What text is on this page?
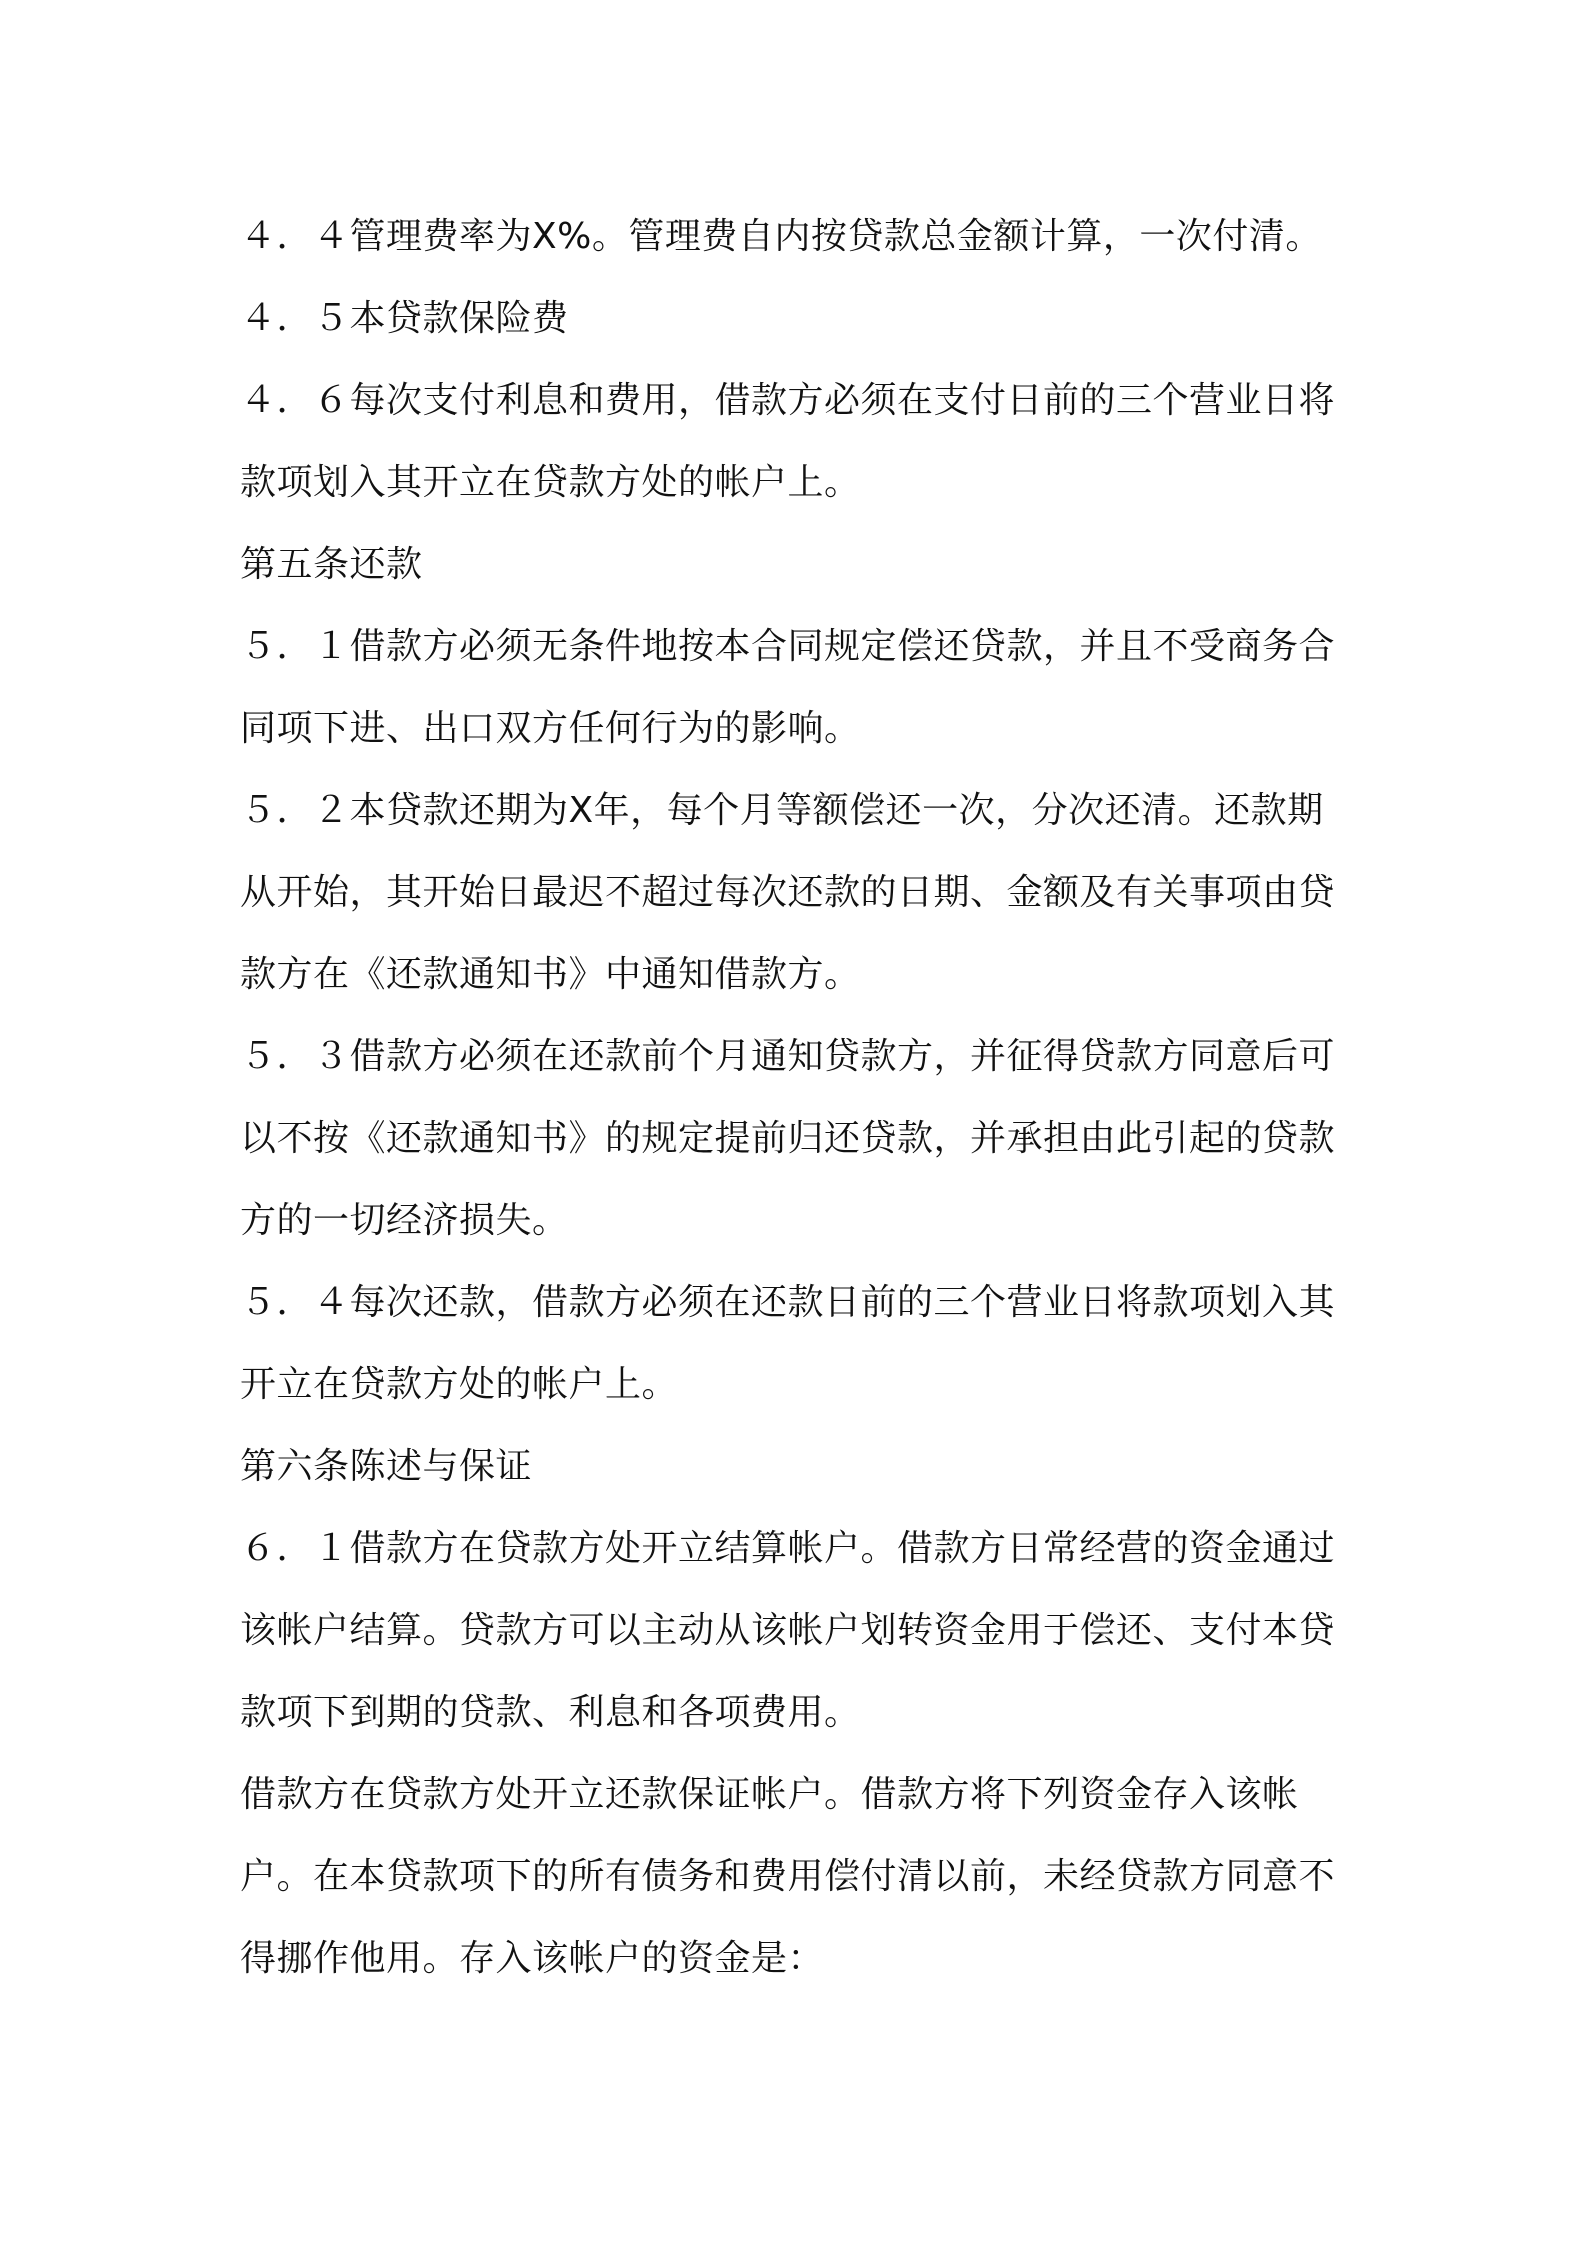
４．４管理费率为X%。管理费自内按贷款总金额计算，一次付清。

４．５本贷款保险费

４．６每次支付利息和费用，借款方必须在支付日前的三个营业日将

款项划入其开立在贷款方处的帐户上。

第五条还款

５．１借款方必须无条件地按本合同规定偿还贷款，并且不受商务合

同项下进、出口双方任何行为的影响。

５．２本贷款还期为X年，每个月等额偿还一次，分次还清。还款期

从开始，其开始日最迟不超过每次还款的日期、金额及有关事项由贷

款方在《还款通知书》中通知借款方。

５．３借款方必须在还款前个月通知贷款方，并征得贷款方同意后可

以不按《还款通知书》的规定提前归还贷款，并承担由此引起的贷款

方的一切经济损失。

５．４每次还款，借款方必须在还款日前的三个营业日将款项划入其

开立在贷款方处的帐户上。

第六条陈述与保证

６．１借款方在贷款方处开立结算帐户。借款方日常经营的资金通过

该帐户结算。贷款方可以主动从该帐户划转资金用于偿还、支付本贷

款项下到期的贷款、利息和各项费用。

借款方在贷款方处开立还款保证帐户。借款方将下列资金存入该帐

户。在本贷款项下的所有债务和费用偿付清以前，未经贷款方同意不

得挪作他用。存入该帐户的资金是：
